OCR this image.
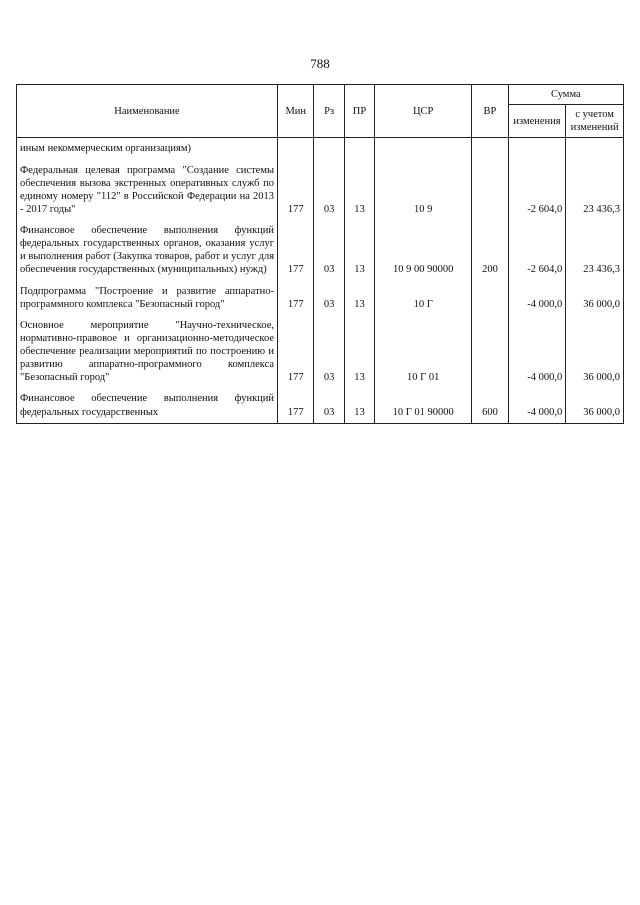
788
Наименование	Мин	Рз	ПР	ЦСР	ВР	Сумма	
						изменения	с учетом изменений
иным некоммерческим организациям)							
Федеральная целевая программа "Создание системы обеспечения вызова экстренных оперативных служб по единому номеру "112" в Российской Федерации на 2013 - 2017 годы"	177	03	13	10 9		-2 604,0	23 436,3
Финансовое обеспечение выполнения функций федеральных государственных органов, оказания услуг и выполнения работ (Закупка товаров, работ и услуг для обеспечения государственных (муниципальных) нужд)	177	03	13	10 9 00 90000	200	-2 604,0	23 436,3
Подпрограмма "Построение и развитие аппаратно-программного комплекса "Безопасный город"	177	03	13	10 Г		-4 000,0	36 000,0
Основное мероприятие "Научно-техническое, нормативно-правовое и организационно-методическое обеспечение реализации мероприятий по построению и развитию аппаратно-программного комплекса "Безопасный город"	177	03	13	10 Г 01		-4 000,0	36 000,0
Финансовое обеспечение выполнения функций федеральных государственных	177	03	13	10 Г 01 90000	600	-4 000,0	36 000,0
